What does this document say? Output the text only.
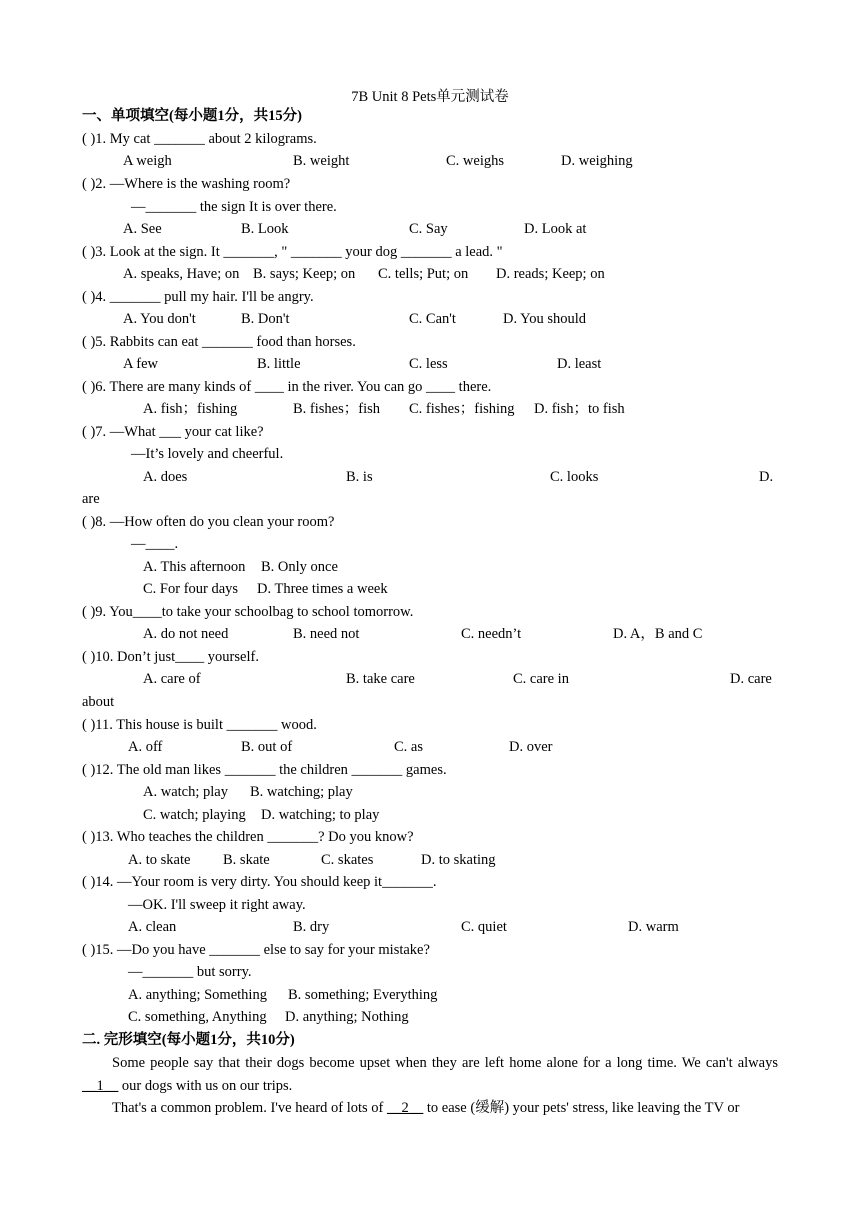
7B Unit 8 Pets单元测试卷
一、单项填空(每小题1分，共15分)
( )1. My cat _______ about 2 kilograms.
A weigh	B. weight	C. weighs	D. weighing
( )2. —Where is the washing room?
—_______ the sign It is over there.
A. See	B. Look	C. Say	D. Look at
( )3. Look at the sign. It _______, " _______ your dog _______ a lead. "
A. speaks, Have; on B. says; Keep; on C. tells; Put; on D. reads; Keep; on
( )4. _______ pull my hair. I'll be angry.
A. You don't	B. Don't	C. Can't	D. You should
( )5. Rabbits can eat _______ food than horses.
A few	B. little	C. less	D. least
( )6. There are many kinds of ____ in the river. You can go ____ there.
A. fish；fishing	B. fishes；fish C. fishes；fishing D. fish；to fish
( )7. —What ___ your cat like?
—It’s lovely and cheerful.
A. does	B. is	C. looks	D.
are
( )8. —How often do you clean your room?
—____.
A. This afternoon B. Only once
C. For four days D. Three times a week
( )9. You____to take your schoolbag to school tomorrow.
A. do not need	B. need not	C. needn’t	D. A，B and C
( )10. Don’t just____ yourself.
A. care of	B. take care	C. care in	D. care
about
( )11. This house is built _______ wood.
A. off	B. out of	C. as	D. over
( )12. The old man likes _______ the children _______ games.
A. watch; play B. watching; play
C. watch; playing D. watching; to play
( )13. Who teaches the children _______? Do you know?
A. to skate B. skate	C. skates	D. to skating
( )14. —Your room is very dirty. You should keep it_______.
—OK. I'll sweep it right away.
A. clean	B. dry	C. quiet	D. warm
( )15. —Do you have _______ else to say for your mistake?
—_______ but sorry.
A. anything; Something B. something; Everything
C. something, Anything D. anything; Nothing
二. 完形填空(每小题1分，共10分)
Some people say that their dogs become upset when they are left home alone for a long time. We can't always __1__ our dogs with us on our trips.
That's a common problem. I've heard of lots of __2__ to ease (缓解) your pets' stress, like leaving the TV or
